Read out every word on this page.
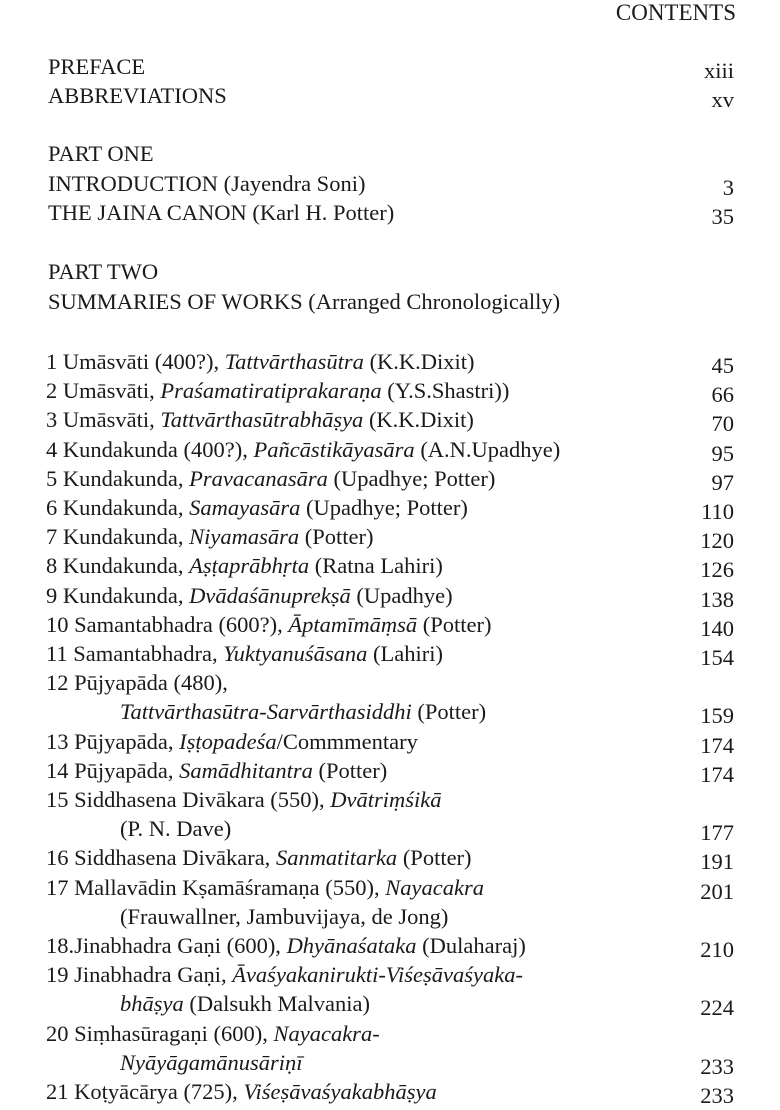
CONTENTS
PREFACE	xiii
ABBREVIATIONS	xv
PART ONE
INTRODUCTION (Jayendra Soni)	3
THE JAINA CANON (Karl H. Potter)	35
PART TWO
SUMMARIES OF WORKS (Arranged Chronologically)
1 Umāsvāti (400?), Tattvārthasūtra (K.K.Dixit)	45
2 Umāsvāti, Praśamatiratiprakaraṇa (Y.S.Shastri))	66
3 Umāsvāti, Tattvārthasūtrabhāṣya (K.K.Dixit)	70
4 Kundakunda (400?), Pañcāstikāyasāra (A.N.Upadhye)	95
5 Kundakunda, Pravacanasāra (Upadhye; Potter)	97
6 Kundakunda, Samayasāra (Upadhye; Potter)	110
7 Kundakunda, Niyamasāra (Potter)	120
8 Kundakunda, Aṣṭaprābhṛta (Ratna Lahiri)	126
9 Kundakunda, Dvādaśānuprekṣā (Upadhye)	138
10 Samantabhadra (600?), Āptamīmāṃsā (Potter)	140
11 Samantabhadra, Yuktyanuśāsana (Lahiri)	154
12 Pūjyapāda (480),
Tattvārthasūtra-Sarvārthasiddhi (Potter)	159
13 Pūjyapāda, Iṣṭopadeśa/Commmentary	174
14 Pūjyapāda, Samādhitantra (Potter)	174
15 Siddhasena Divākara (550), Dvātriṃśikā
(P. N. Dave)	177
16 Siddhasena Divākara, Sanmatitarka (Potter)	191
17 Mallavādin Kṣamāśramaṇa (550), Nayacakra	201
(Frauwallner, Jambuvijaya, de Jong)
18.Jinabhadra Gaṇi (600), Dhyānaśataka (Dulaharaj)	210
19 Jinabhadra Gaṇi, Āvaśyakanirukti-Viśeṣāvaśyaka-
bhāṣya (Dalsukh Malvania)	224
20 Siṃhasūragaṇi (600), Nayacakra-
Nyāyāgamānusāriṇī	233
21 Koṭyācārya (725), Viśeṣāvaśyakabhāṣya	233
